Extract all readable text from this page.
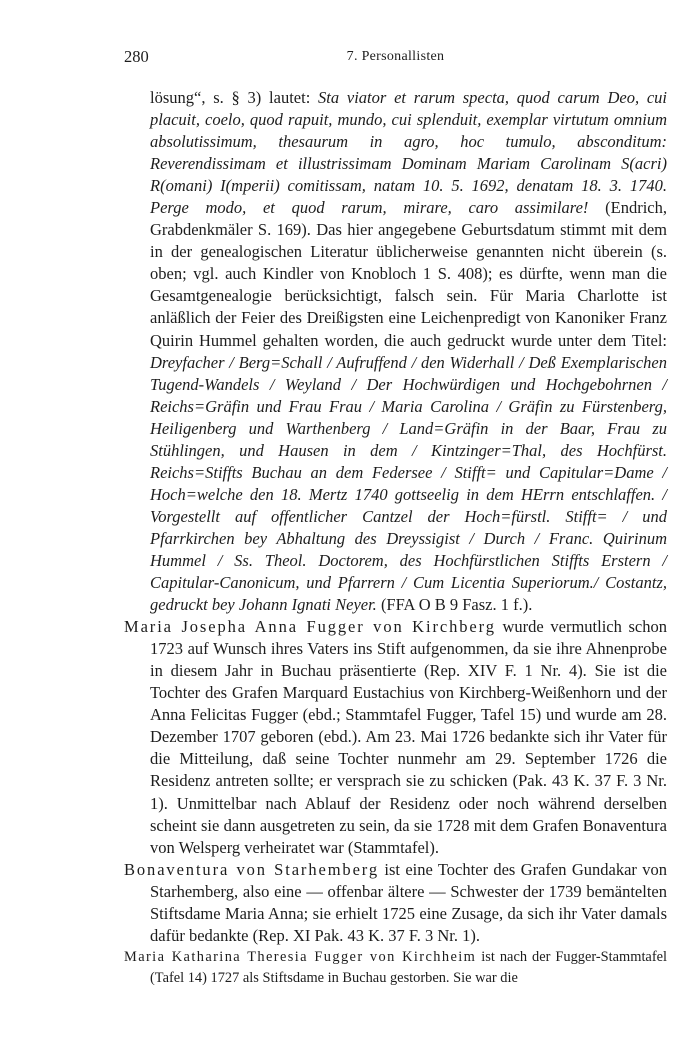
280	7. Personallisten

lösung“, s. § 3) lautet: Sta viator et rarum specta, quod carum Deo, cui placuit, coelo, quod rapuit, mundo, cui splenduit, exemplar virtutum omnium absolutissimum, thesaurum in agro, hoc tumulo, absconditum: Reverendissimam et illustrissimam Dominam Mariam Carolinam S(acri) R(omani) I(mperii) comitissam, natam 10. 5. 1692, denatam 18. 3. 1740. Perge modo, et quod rarum, mirare, caro assimilare! (Endrich, Grabdenkmäler S. 169). Das hier angegebene Geburtsdatum stimmt mit dem in der genealogischen Literatur üblicherweise genannten nicht überein (s. oben; vgl. auch Kindler von Knobloch 1 S. 408); es dürfte, wenn man die Gesamtgenealogie berücksichtigt, falsch sein. Für Maria Charlotte ist anläßlich der Feier des Dreißigsten eine Leichenpredigt von Kanoniker Franz Quirin Hummel gehalten worden, die auch gedruckt wurde unter dem Titel: Dreyfacher / Berg=Schall / Aufruffend / den Widerhall / Deß Exemplarischen Tugend-Wandels / Weyland / Der Hochwürdigen und Hochgebohrnen / Reichs=Gräfin und Frau Frau / Maria Carolina / Gräfin zu Fürstenberg, Heiligenberg und Warthenberg / Land=Gräfin in der Baar, Frau zu Stühlingen, und Hausen in dem / Kintzinger=Thal, des Hochfürst. Reichs=Stiffts Buchau an dem Federsee / Stifft= und Capitular=Dame / Hoch=welche den 18. Mertz 1740 gottseelig in dem HErrn entschlaffen. / Vorgestellt auf offentlicher Cantzel der Hoch=fürstl. Stifft= / und Pfarrkirchen bey Abhaltung des Dreyssigist / Durch / Franc. Quirinum Hummel / Ss. Theol. Doctorem, des Hochfürstlichen Stiffts Erstern / Capitular-Canonicum, und Pfarrern / Cum Licentia Superiorum./ Costantz, gedruckt bey Johann Ignati Neyer. (FFA O B 9 Fasz. 1 f.).

Maria Josepha Anna Fugger von Kirchberg wurde vermutlich schon 1723 auf Wunsch ihres Vaters ins Stift aufgenommen, da sie ihre Ahnenprobe in diesem Jahr in Buchau präsentierte (Rep. XIV F. 1 Nr. 4). Sie ist die Tochter des Grafen Marquard Eustachius von Kirchberg-Weißenhorn und der Anna Felicitas Fugger (ebd.; Stammtafel Fugger, Tafel 15) und wurde am 28. Dezember 1707 geboren (ebd.). Am 23. Mai 1726 bedankte sich ihr Vater für die Mitteilung, daß seine Tochter nunmehr am 29. September 1726 die Residenz antreten sollte; er versprach sie zu schicken (Pak. 43 K. 37 F. 3 Nr. 1). Unmittelbar nach Ablauf der Residenz oder noch während derselben scheint sie dann ausgetreten zu sein, da sie 1728 mit dem Grafen Bonaventura von Welsperg verheiratet war (Stammtafel).

Bonaventura von Starhemberg ist eine Tochter des Grafen Gundakar von Starhemberg, also eine — offenbar ältere — Schwester der 1739 bemäntelten Stiftsdame Maria Anna; sie erhielt 1725 eine Zusage, da sich ihr Vater damals dafür bedankte (Rep. XI Pak. 43 K. 37 F. 3 Nr. 1).

Maria Katharina Theresia Fugger von Kirchheim ist nach der Fugger-Stammtafel (Tafel 14) 1727 als Stiftsdame in Buchau gestorben. Sie war die
